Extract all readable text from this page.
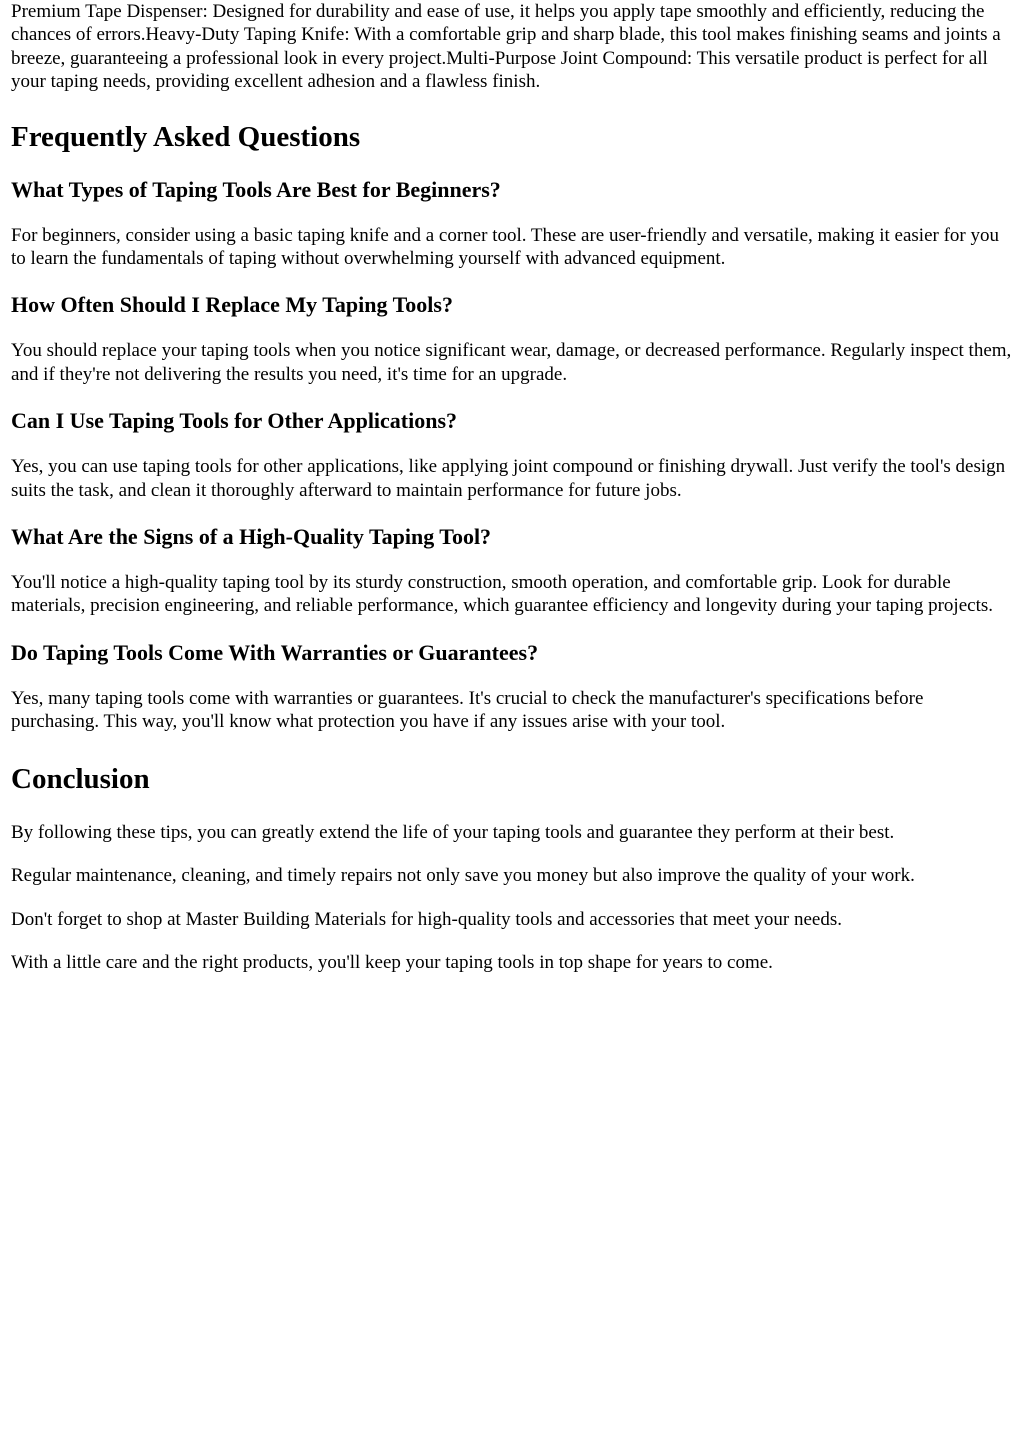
Premium Tape Dispenser: Designed for durability and ease of use, it helps you apply tape smoothly and efficiently, reducing the chances of errors.Heavy-Duty Taping Knife: With a comfortable grip and sharp blade, this tool makes finishing seams and joints a breeze, guaranteeing a professional look in every project.Multi-Purpose Joint Compound: This versatile product is perfect for all your taping needs, providing excellent adhesion and a flawless finish.

Frequently Asked Questions
What Types of Taping Tools Are Best for Beginners?

For beginners, consider using a basic taping knife and a corner tool. These are user-friendly and versatile, making it easier for you to learn the fundamentals of taping without overwhelming yourself with advanced equipment.

How Often Should I Replace My Taping Tools?

You should replace your taping tools when you notice significant wear, damage, or decreased performance. Regularly inspect them, and if they're not delivering the results you need, it's time for an upgrade.

Can I Use Taping Tools for Other Applications?

Yes, you can use taping tools for other applications, like applying joint compound or finishing drywall. Just verify the tool's design suits the task, and clean it thoroughly afterward to maintain performance for future jobs.

What Are the Signs of a High-Quality Taping Tool?

You'll notice a high-quality taping tool by its sturdy construction, smooth operation, and comfortable grip. Look for durable materials, precision engineering, and reliable performance, which guarantee efficiency and longevity during your taping projects.

Do Taping Tools Come With Warranties or Guarantees?

Yes, many taping tools come with warranties or guarantees. It's crucial to check the manufacturer's specifications before purchasing. This way, you'll know what protection you have if any issues arise with your tool.

Conclusion

By following these tips, you can greatly extend the life of your taping tools and guarantee they perform at their best.

Regular maintenance, cleaning, and timely repairs not only save you money but also improve the quality of your work.

Don't forget to shop at Master Building Materials for high-quality tools and accessories that meet your needs.

With a little care and the right products, you'll keep your taping tools in top shape for years to come.
